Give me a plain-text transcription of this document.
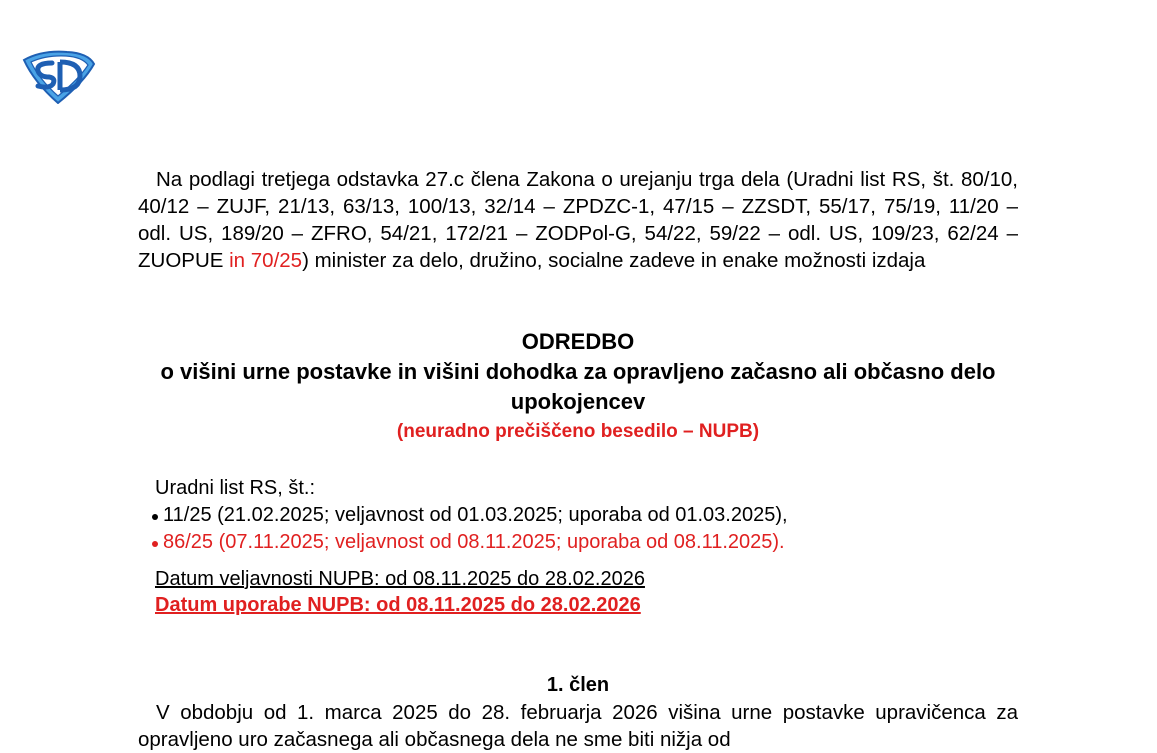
Na podlagi tretjega odstavka 27.c člena Zakona o urejanju trga dela (Uradni list RS, št. 80/10, 40/12 – ZUJF, 21/13, 63/13, 100/13, 32/14 – ZPDZC-1, 47/15 – ZZSDT, 55/17, 75/19, 11/20 – odl. US, 189/20 – ZFRO, 54/21, 172/21 – ZODPol-G, 54/22, 59/22 – odl. US, 109/23, 62/24 – ZUOPUE in 70/25) minister za delo, družino, socialne zadeve in enake možnosti izdaja

ODREDBO
o višini urne postavke in višini dohodka za opravljeno začasno ali občasno delo upokojencev
(neuradno prečiščeno besedilo – NUPB)
Uradni list RS, št.:
11/25 (21.02.2025; veljavnost od 01.03.2025; uporaba od 01.03.2025),
86/25 (07.11.2025; veljavnost od 08.11.2025; uporaba od 08.11.2025).
Datum veljavnosti NUPB: od 08.11.2025 do 28.02.2026
Datum uporabe NUPB: od 08.11.2025 do 28.02.2026
1. člen

V obdobju od 1. marca 2025 do 28. februarja 2026 višina urne postavke upravičenca za opravljeno uro začasnega ali občasnega dela ne sme biti nižja od
